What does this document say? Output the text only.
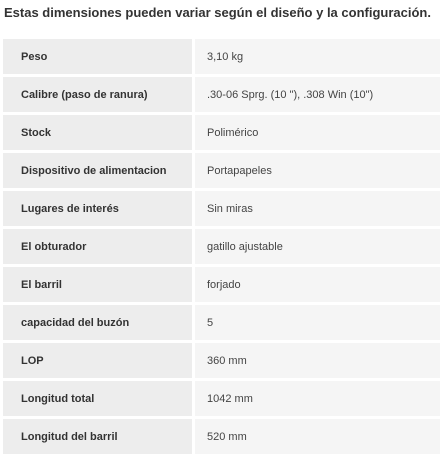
Estas dimensiones pueden variar según el diseño y la configuración.
Peso	3,10 kg
Calibre (paso de ranura)	.30-06 Sprg. (10 "), .308 Win (10")
Stock	Polimérico
Dispositivo de alimentacion	Portapapeles
Lugares de interés	Sin miras
El obturador	gatillo ajustable
El barril	forjado
capacidad del buzón	5
LOP	360 mm
Longitud total	1042 mm
Longitud del barril	520 mm
